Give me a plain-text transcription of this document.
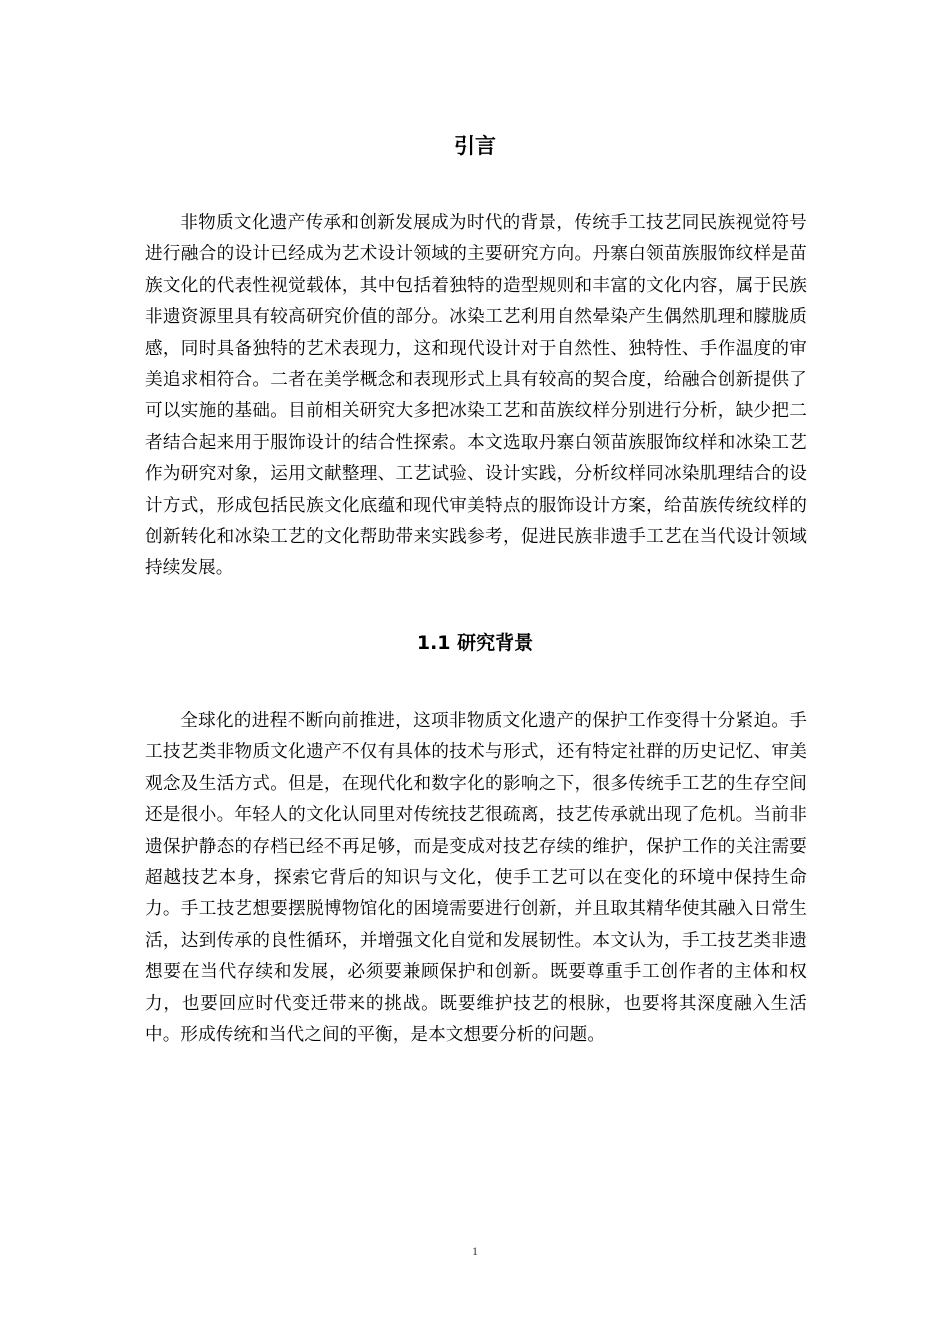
引言

非物质文化遗产传承和创新发展成为时代的背景，传统手工技艺同民族视觉符号进行融合的设计已经成为艺术设计领域的主要研究方向。丹寨白领苗族服饰纹样是苗族文化的代表性视觉载体，其中包括着独特的造型规则和丰富的文化内容，属于民族非遗资源里具有较高研究价值的部分。冰染工艺利用自然晕染产生偶然肌理和朦胧质感，同时具备独特的艺术表现力，这和现代设计对于自然性、独特性、手作温度的审美追求相符合。二者在美学概念和表现形式上具有较高的契合度，给融合创新提供了可以实施的基础。目前相关研究大多把冰染工艺和苗族纹样分别进行分析，缺少把二者结合起来用于服饰设计的结合性探索。本文选取丹寨白领苗族服饰纹样和冰染工艺作为研究对象，运用文献整理、工艺试验、设计实践，分析纹样同冰染肌理结合的设计方式，形成包括民族文化底蕴和现代审美特点的服饰设计方案，给苗族传统纹样的创新转化和冰染工艺的文化帮助带来实践参考，促进民族非遗手工艺在当代设计领域持续发展。

1.1 研究背景

全球化的进程不断向前推进，这项非物质文化遗产的保护工作变得十分紧迫。手工技艺类非物质文化遗产不仅有具体的技术与形式，还有特定社群的历史记忆、审美观念及生活方式。但是，在现代化和数字化的影响之下，很多传统手工艺的生存空间还是很小。年轻人的文化认同里对传统技艺很疏离，技艺传承就出现了危机。当前非遗保护静态的存档已经不再足够，而是变成对技艺存续的维护，保护工作的关注需要超越技艺本身，探索它背后的知识与文化，使手工艺可以在变化的环境中保持生命力。手工技艺想要摆脱博物馆化的困境需要进行创新，并且取其精华使其融入日常生活，达到传承的良性循环，并增强文化自觉和发展韧性。本文认为，手工技艺类非遗想要在当代存续和发展，必须要兼顾保护和创新。既要尊重手工创作者的主体和权力，也要回应时代变迁带来的挑战。既要维护技艺的根脉，也要将其深度融入生活中。形成传统和当代之间的平衡，是本文想要分析的问题。

1
